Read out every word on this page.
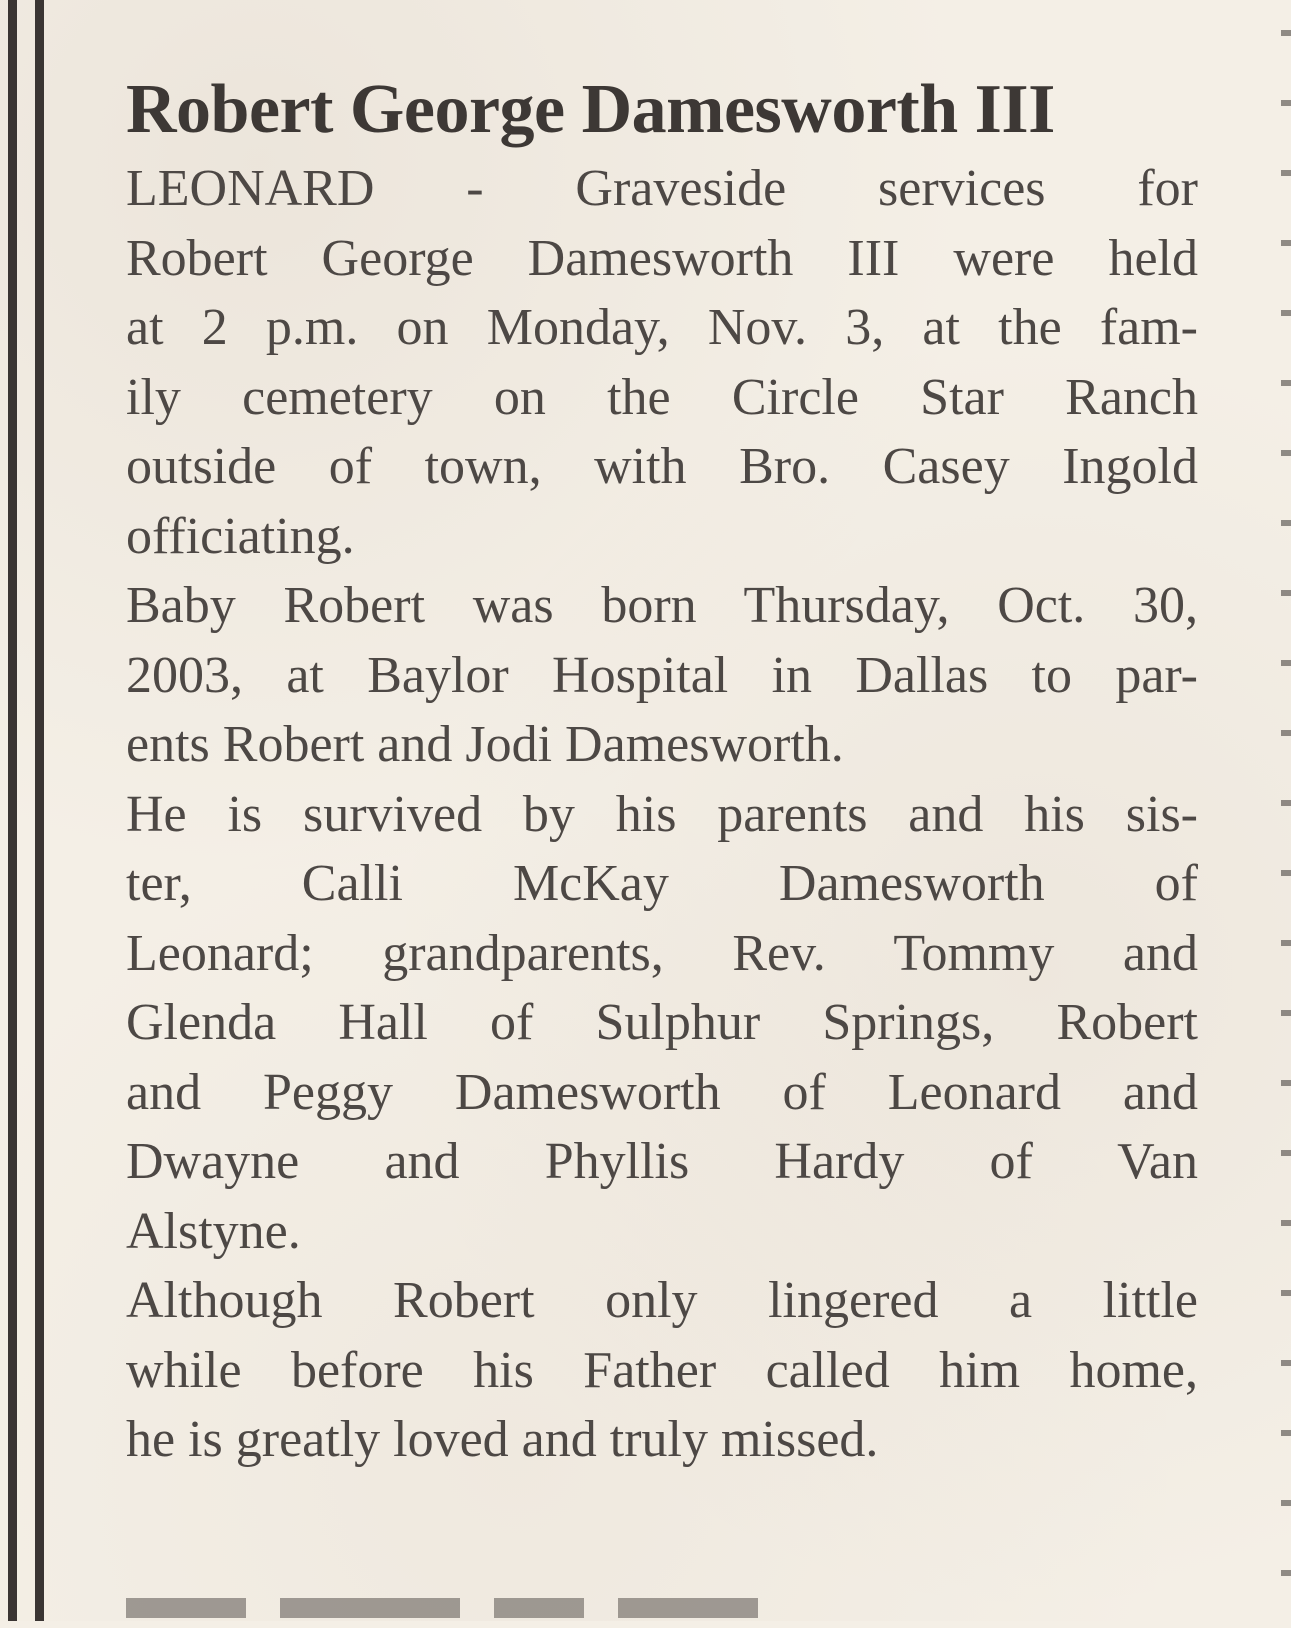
Robert George Damesworth III

LEONARD - Graveside services for
Robert George Damesworth III were held
at 2 p.m. on Monday, Nov. 3, at the fam-
ily cemetery on the Circle Star Ranch
outside of town, with Bro. Casey Ingold
officiating.

Baby Robert was born Thursday, Oct. 30,
2003, at Baylor Hospital in Dallas to par-
ents Robert and Jodi Damesworth.

He is survived by his parents and his sis-
ter, Calli McKay Damesworth of
Leonard; grandparents, Rev. Tommy and
Glenda Hall of Sulphur Springs, Robert
and Peggy Damesworth of Leonard and
Dwayne and Phyllis Hardy of Van
Alstyne.

Although Robert only lingered a little
while before his Father called him home,
he is greatly loved and truly missed.
